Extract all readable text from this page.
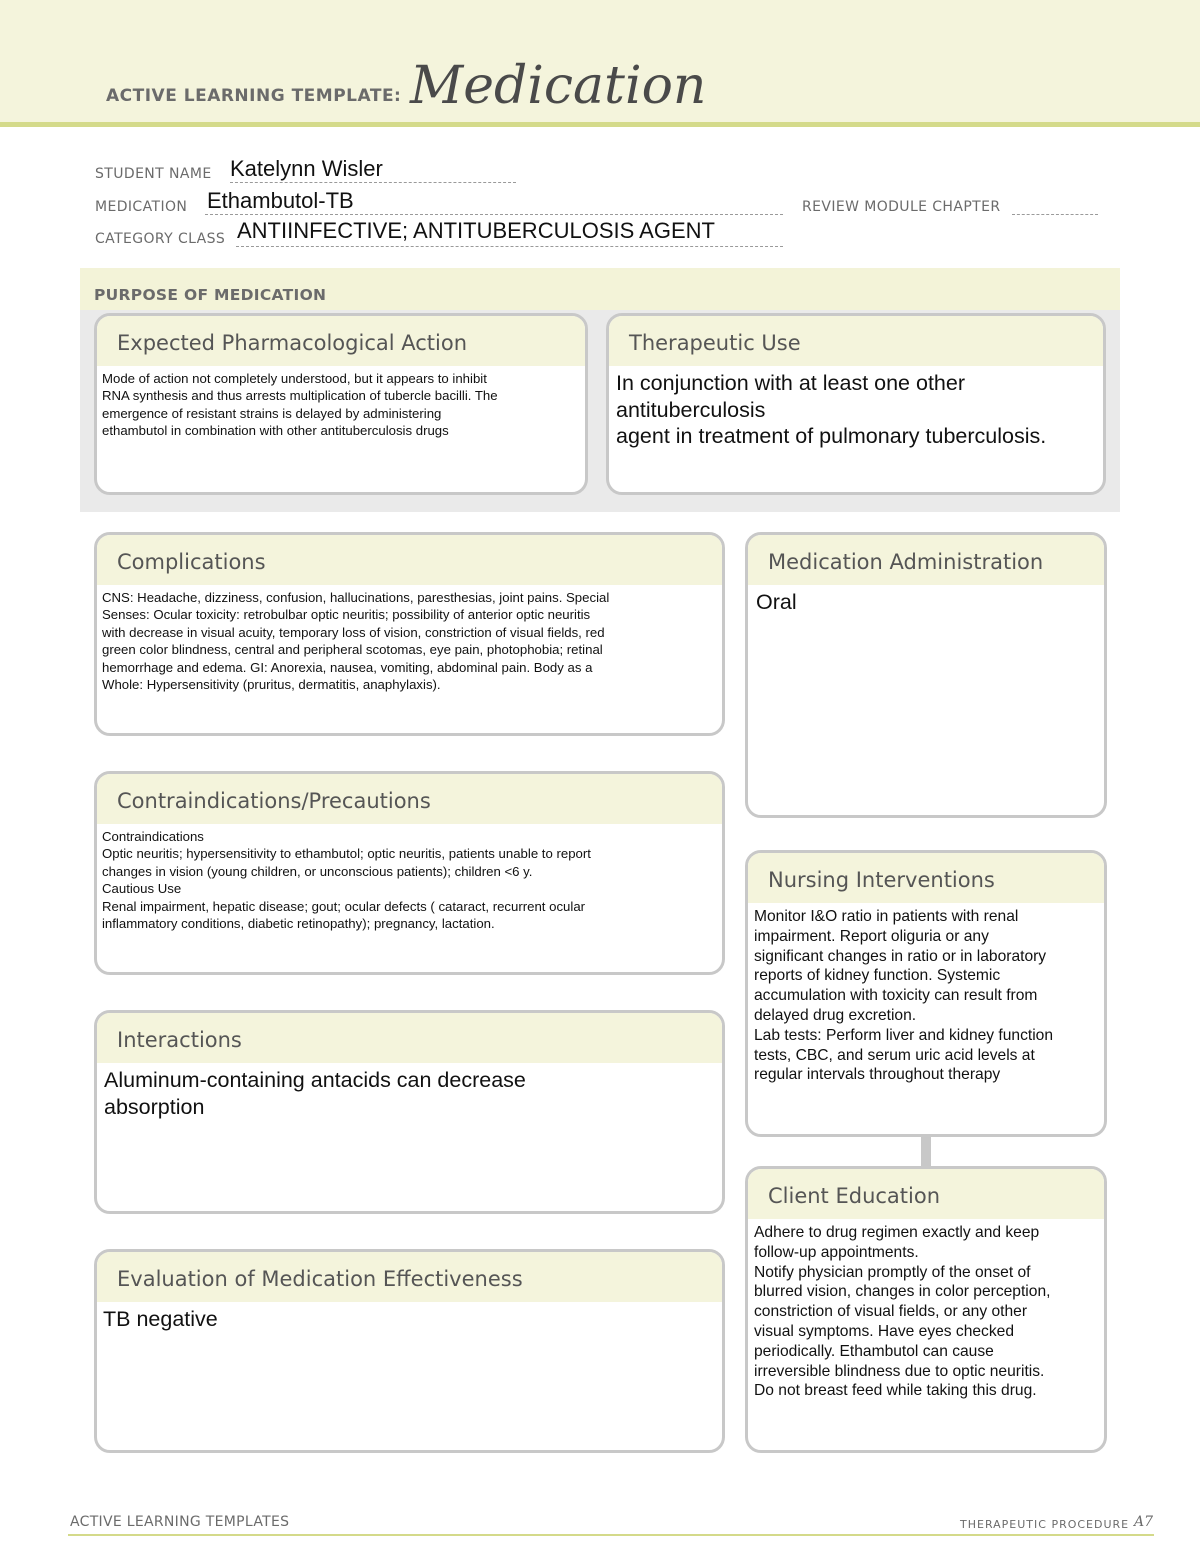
ACTIVE LEARNING TEMPLATE: Medication
STUDENT NAME Katelynn Wisler
MEDICATION Ethambutol-TB	REVIEW MODULE CHAPTER
CATEGORY CLASS ANTIINFECTIVE; ANTITUBERCULOSIS AGENT
PURPOSE OF MEDICATION
Expected Pharmacological Action
Mode of action not completely understood, but it appears to inhibit
RNA synthesis and thus arrests multiplication of tubercle bacilli. The
emergence of resistant strains is delayed by administering
ethambutol in combination with other antituberculosis drugs
Therapeutic Use
In conjunction with at least one other
antituberculosis
agent in treatment of pulmonary tuberculosis.
Complications
CNS: Headache, dizziness, confusion, hallucinations, paresthesias, joint pains. Special
Senses: Ocular toxicity: retrobulbar optic neuritis; possibility of anterior optic neuritis
with decrease in visual acuity, temporary loss of vision, constriction of visual fields, red
green color blindness, central and peripheral scotomas, eye pain, photophobia; retinal
hemorrhage and edema. GI: Anorexia, nausea, vomiting, abdominal pain. Body as a
Whole: Hypersensitivity (pruritus, dermatitis, anaphylaxis).
Contraindications/Precautions
Contraindications
Optic neuritis; hypersensitivity to ethambutol; optic neuritis, patients unable to report
changes in vision (young children, or unconscious patients); children <6 y.
Cautious Use
Renal impairment, hepatic disease; gout; ocular defects ( cataract, recurrent ocular
inflammatory conditions, diabetic retinopathy); pregnancy, lactation.
Interactions
Aluminum-containing antacids can decrease
absorption
Evaluation of Medication Effectiveness
TB negative
Medication Administration
Oral
Nursing Interventions
Monitor I&O ratio in patients with renal
impairment. Report oliguria or any
significant changes in ratio or in laboratory
reports of kidney function. Systemic
accumulation with toxicity can result from
delayed drug excretion.
Lab tests: Perform liver and kidney function
tests, CBC, and serum uric acid levels at
regular intervals throughout therapy
Client Education
Adhere to drug regimen exactly and keep
follow-up appointments.
Notify physician promptly of the onset of
blurred vision, changes in color perception,
constriction of visual fields, or any other
visual symptoms. Have eyes checked
periodically. Ethambutol can cause
irreversible blindness due to optic neuritis.
Do not breast feed while taking this drug.
ACTIVE LEARNING TEMPLATES	THERAPEUTIC PROCEDURE A7
